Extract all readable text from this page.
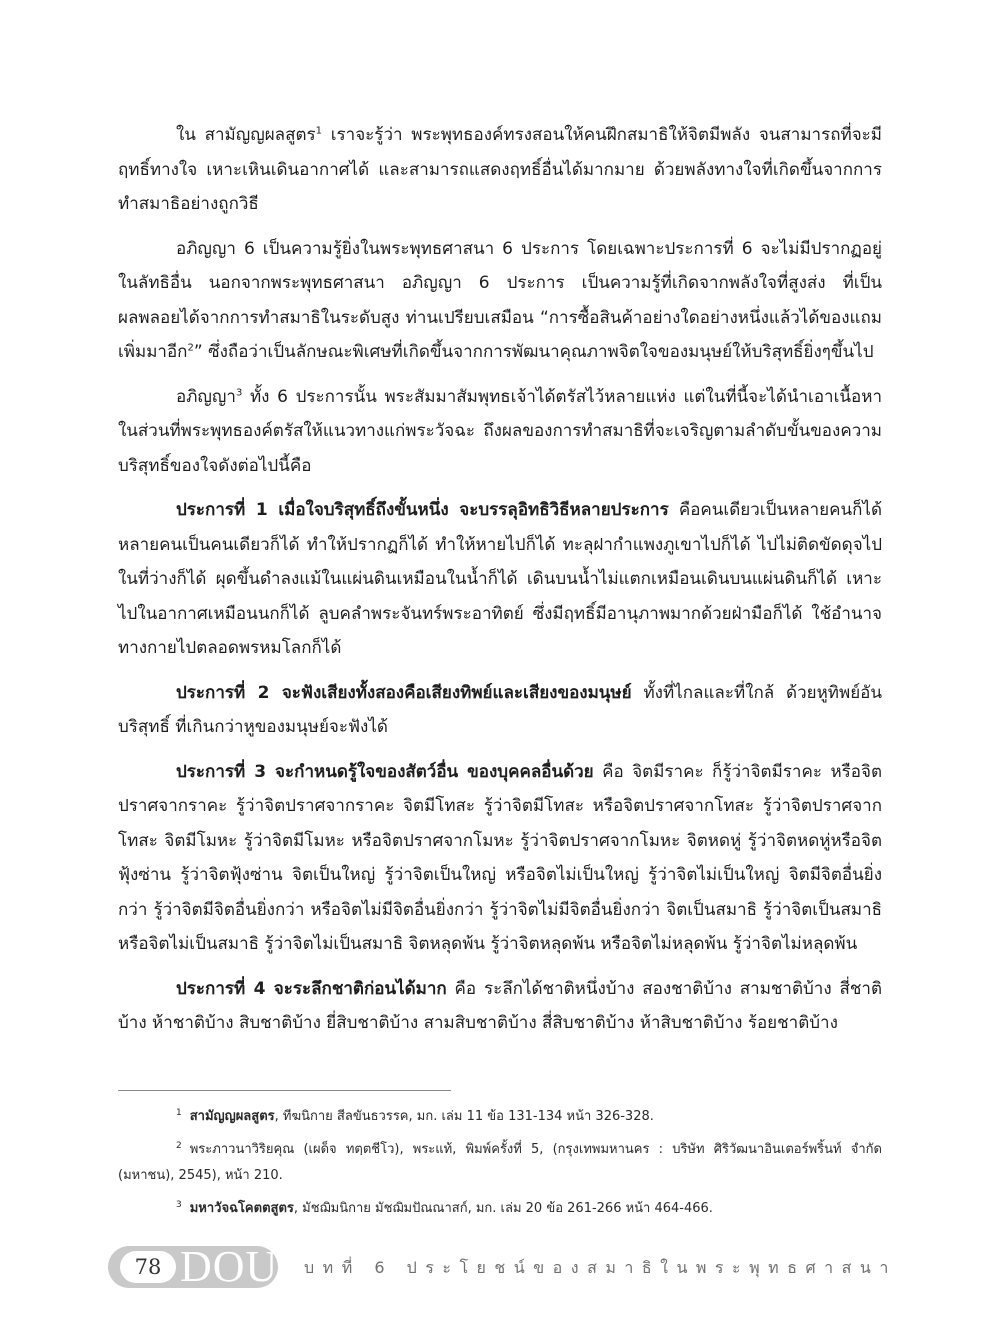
ใน สามัญญผลสูตร$^1$ เราจะรู้ว่า พระพุทธองค์ทรงสอนให้คนฝึกสมาธิให้จิตมีพลัง จนสามารถที่จะมีฤทธิ์ทางใจ เหาะเหินเดินอากาศได้ และสามารถแสดงฤทธิ์อื่นได้มากมาย ด้วยพลังทางใจที่เกิดขึ้นจากการทำสมาธิอย่างถูกวิธี

อภิญญา 6 เป็นความรู้ยิ่งในพระพุทธศาสนา 6 ประการ โดยเฉพาะประการที่ 6 จะไม่มีปรากฏอยู่ในลัทธิอื่น นอกจากพระพุทธศาสนา อภิญญา 6 ประการ เป็นความรู้ที่เกิดจากพลังใจที่สูงส่ง ที่เป็นผลพลอยได้จากการทำสมาธิในระดับสูง ท่านเปรียบเสมือน “การซื้อสินค้าอย่างใดอย่างหนึ่งแล้วได้ของแถมเพิ่มมาอีก$^2$” ซึ่งถือว่าเป็นลักษณะพิเศษที่เกิดขึ้นจากการพัฒนาคุณภาพจิตใจของมนุษย์ให้บริสุทธิ์ยิ่งๆขึ้นไป

อภิญญา$^3$ ทั้ง 6 ประการนั้น พระสัมมาสัมพุทธเจ้าได้ตรัสไว้หลายแห่ง แต่ในที่นี้จะได้นำเอาเนื้อหาในส่วนที่พระพุทธองค์ตรัสให้แนวทางแก่พระวัจฉะ ถึงผลของการทำสมาธิที่จะเจริญตามลำดับขั้นของความบริสุทธิ์ของใจดังต่อไปนี้คือ

ประการที่ 1 เมื่อใจบริสุทธิ์ถึงขั้นหนึ่ง จะบรรลุอิทธิวิธีหลายประการ คือคนเดียวเป็นหลายคนก็ได้ หลายคนเป็นคนเดียวก็ได้ ทำให้ปรากฏก็ได้ ทำให้หายไปก็ได้ ทะลุฝากำแพงภูเขาไปก็ได้ ไปไม่ติดขัดดุจไปในที่ว่างก็ได้ ผุดขึ้นดำลงแม้ในแผ่นดินเหมือนในน้ำก็ได้ เดินบนน้ำไม่แตกเหมือนเดินบนแผ่นดินก็ได้ เหาะไปในอากาศเหมือนนกก็ได้ ลูบคลำพระจันทร์พระอาทิตย์ ซึ่งมีฤทธิ์มีอานุภาพมากด้วยฝ่ามือก็ได้ ใช้อำนาจทางกายไปตลอดพรหมโลกก็ได้

ประการที่ 2 จะฟังเสียงทั้งสองคือเสียงทิพย์และเสียงของมนุษย์ ทั้งที่ไกลและที่ใกล้ ด้วยหูทิพย์อันบริสุทธิ์ ที่เกินกว่าหูของมนุษย์จะฟังได้

ประการที่ 3 จะกำหนดรู้ใจของสัตว์อื่น ของบุคคลอื่นด้วย คือ จิตมีราคะ ก็รู้ว่าจิตมีราคะ หรือจิตปราศจากราคะ รู้ว่าจิตปราศจากราคะ จิตมีโทสะ รู้ว่าจิตมีโทสะ หรือจิตปราศจากโทสะ รู้ว่าจิตปราศจากโทสะ จิตมีโมหะ รู้ว่าจิตมีโมหะ หรือจิตปราศจากโมหะ รู้ว่าจิตปราศจากโมหะ จิตหดหู่ รู้ว่าจิตหดหู่หรือจิตฟุ้งซ่าน รู้ว่าจิตฟุ้งซ่าน จิตเป็นใหญ่ รู้ว่าจิตเป็นใหญ่ หรือจิตไม่เป็นใหญ่ รู้ว่าจิตไม่เป็นใหญ่ จิตมีจิตอื่นยิ่งกว่า รู้ว่าจิตมีจิตอื่นยิ่งกว่า หรือจิตไม่มีจิตอื่นยิ่งกว่า รู้ว่าจิตไม่มีจิตอื่นยิ่งกว่า จิตเป็นสมาธิ รู้ว่าจิตเป็นสมาธิ หรือจิตไม่เป็นสมาธิ รู้ว่าจิตไม่เป็นสมาธิ จิตหลุดพ้น รู้ว่าจิตหลุดพ้น หรือจิตไม่หลุดพ้น รู้ว่าจิตไม่หลุดพ้น

ประการที่ 4 จะระลึกชาติก่อนได้มาก คือ ระลึกได้ชาติหนึ่งบ้าง สองชาติบ้าง สามชาติบ้าง สี่ชาติบ้าง ห้าชาติบ้าง สิบชาติบ้าง ยี่สิบชาติบ้าง สามสิบชาติบ้าง สี่สิบชาติบ้าง ห้าสิบชาติบ้าง ร้อยชาติบ้าง

$^1$ สามัญญผลสูตร, ทีฆนิกาย สีลขันธวรรค, มก. เล่ม 11 ข้อ 131-134 หน้า 326-328.

$^2$ พระภาวนาวิริยคุณ (เผด็จ ทตฺตชีโว), พระแท้, พิมพ์ครั้งที่ 5, (กรุงเทพมหานคร : บริษัท ศิริวัฒนาอินเตอร์พริ้นท์ จำกัด (มหาชน), 2545), หน้า 210.

$^3$ มหาวัจฉโคตตสูตร, มัชฌิมนิกาย มัชฌิมปัณณาสก์, มก. เล่ม 20 ข้อ 261-266 หน้า 464-466.

78 DOU บทที่ 6 ประโยชน์ของสมาธิในพระพุทธศาสนา
